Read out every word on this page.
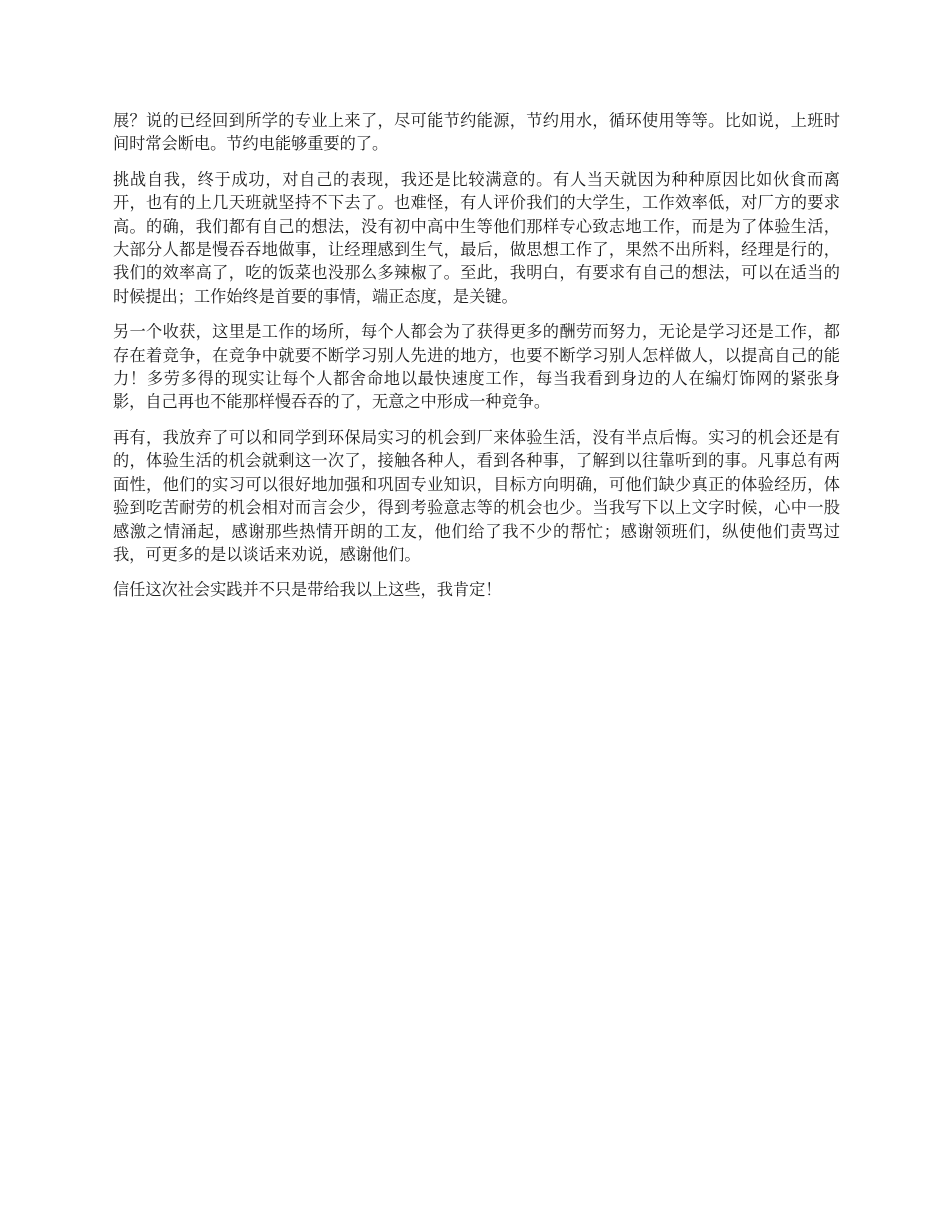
展？说的已经回到所学的专业上来了，尽可能节约能源，节约用水，循环使用等等。比如说，上班时间时常会断电。节约电能够重要的了。

挑战自我，终于成功，对自己的表现，我还是比较满意的。有人当天就因为种种原因比如伙食而离开，也有的上几天班就坚持不下去了。也难怪，有人评价我们的大学生，工作效率低，对厂方的要求高。的确，我们都有自己的想法，没有初中高中生等他们那样专心致志地工作，而是为了体验生活，大部分人都是慢吞吞地做事，让经理感到生气，最后，做思想工作了，果然不出所料，经理是行的，我们的效率高了，吃的饭菜也没那么多辣椒了。至此，我明白，有要求有自己的想法，可以在适当的时候提出；工作始终是首要的事情，端正态度，是关键。

另一个收获，这里是工作的场所，每个人都会为了获得更多的酬劳而努力，无论是学习还是工作，都存在着竞争，在竞争中就要不断学习别人先进的地方，也要不断学习别人怎样做人，以提高自己的能力！多劳多得的现实让每个人都舍命地以最快速度工作，每当我看到身边的人在编灯饰网的紧张身影，自己再也不能那样慢吞吞的了，无意之中形成一种竞争。

再有，我放弃了可以和同学到环保局实习的机会到厂来体验生活，没有半点后悔。实习的机会还是有的，体验生活的机会就剩这一次了，接触各种人，看到各种事，了解到以往靠听到的事。凡事总有两面性，他们的实习可以很好地加强和巩固专业知识，目标方向明确，可他们缺少真正的体验经历，体验到吃苦耐劳的机会相对而言会少，得到考验意志等的机会也少。当我写下以上文字时候，心中一股感激之情涌起，感谢那些热情开朗的工友，他们给了我不少的帮忙；感谢领班们，纵使他们责骂过我，可更多的是以谈话来劝说，感谢他们。

信任这次社会实践并不只是带给我以上这些，我肯定！
